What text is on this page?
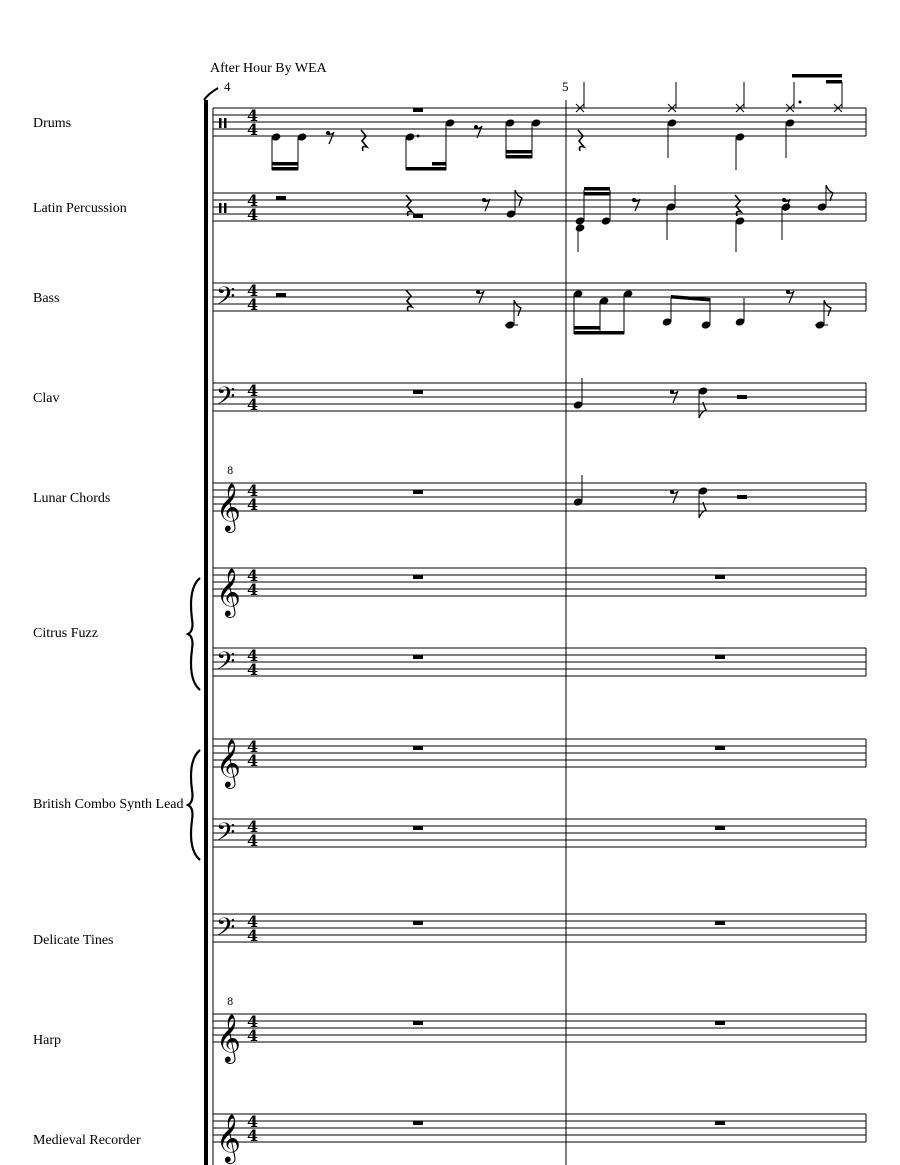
After Hour By WEA
4	5
Drums
Latin Percussion
Bass
Clav
Lunar Chords
Citrus Fuzz
British Combo Synth Lead
Delicate Tines
Harp
Medieval Recorder
4
4
4
4
𝄢 4
4
𝄢 4
4
𝄞
8
4
4
𝄞 4
4
𝄢 4
4
𝄞 4
4
𝄢 4
4
𝄢 4
4
𝄞
8
4
4
𝄞 4
4
